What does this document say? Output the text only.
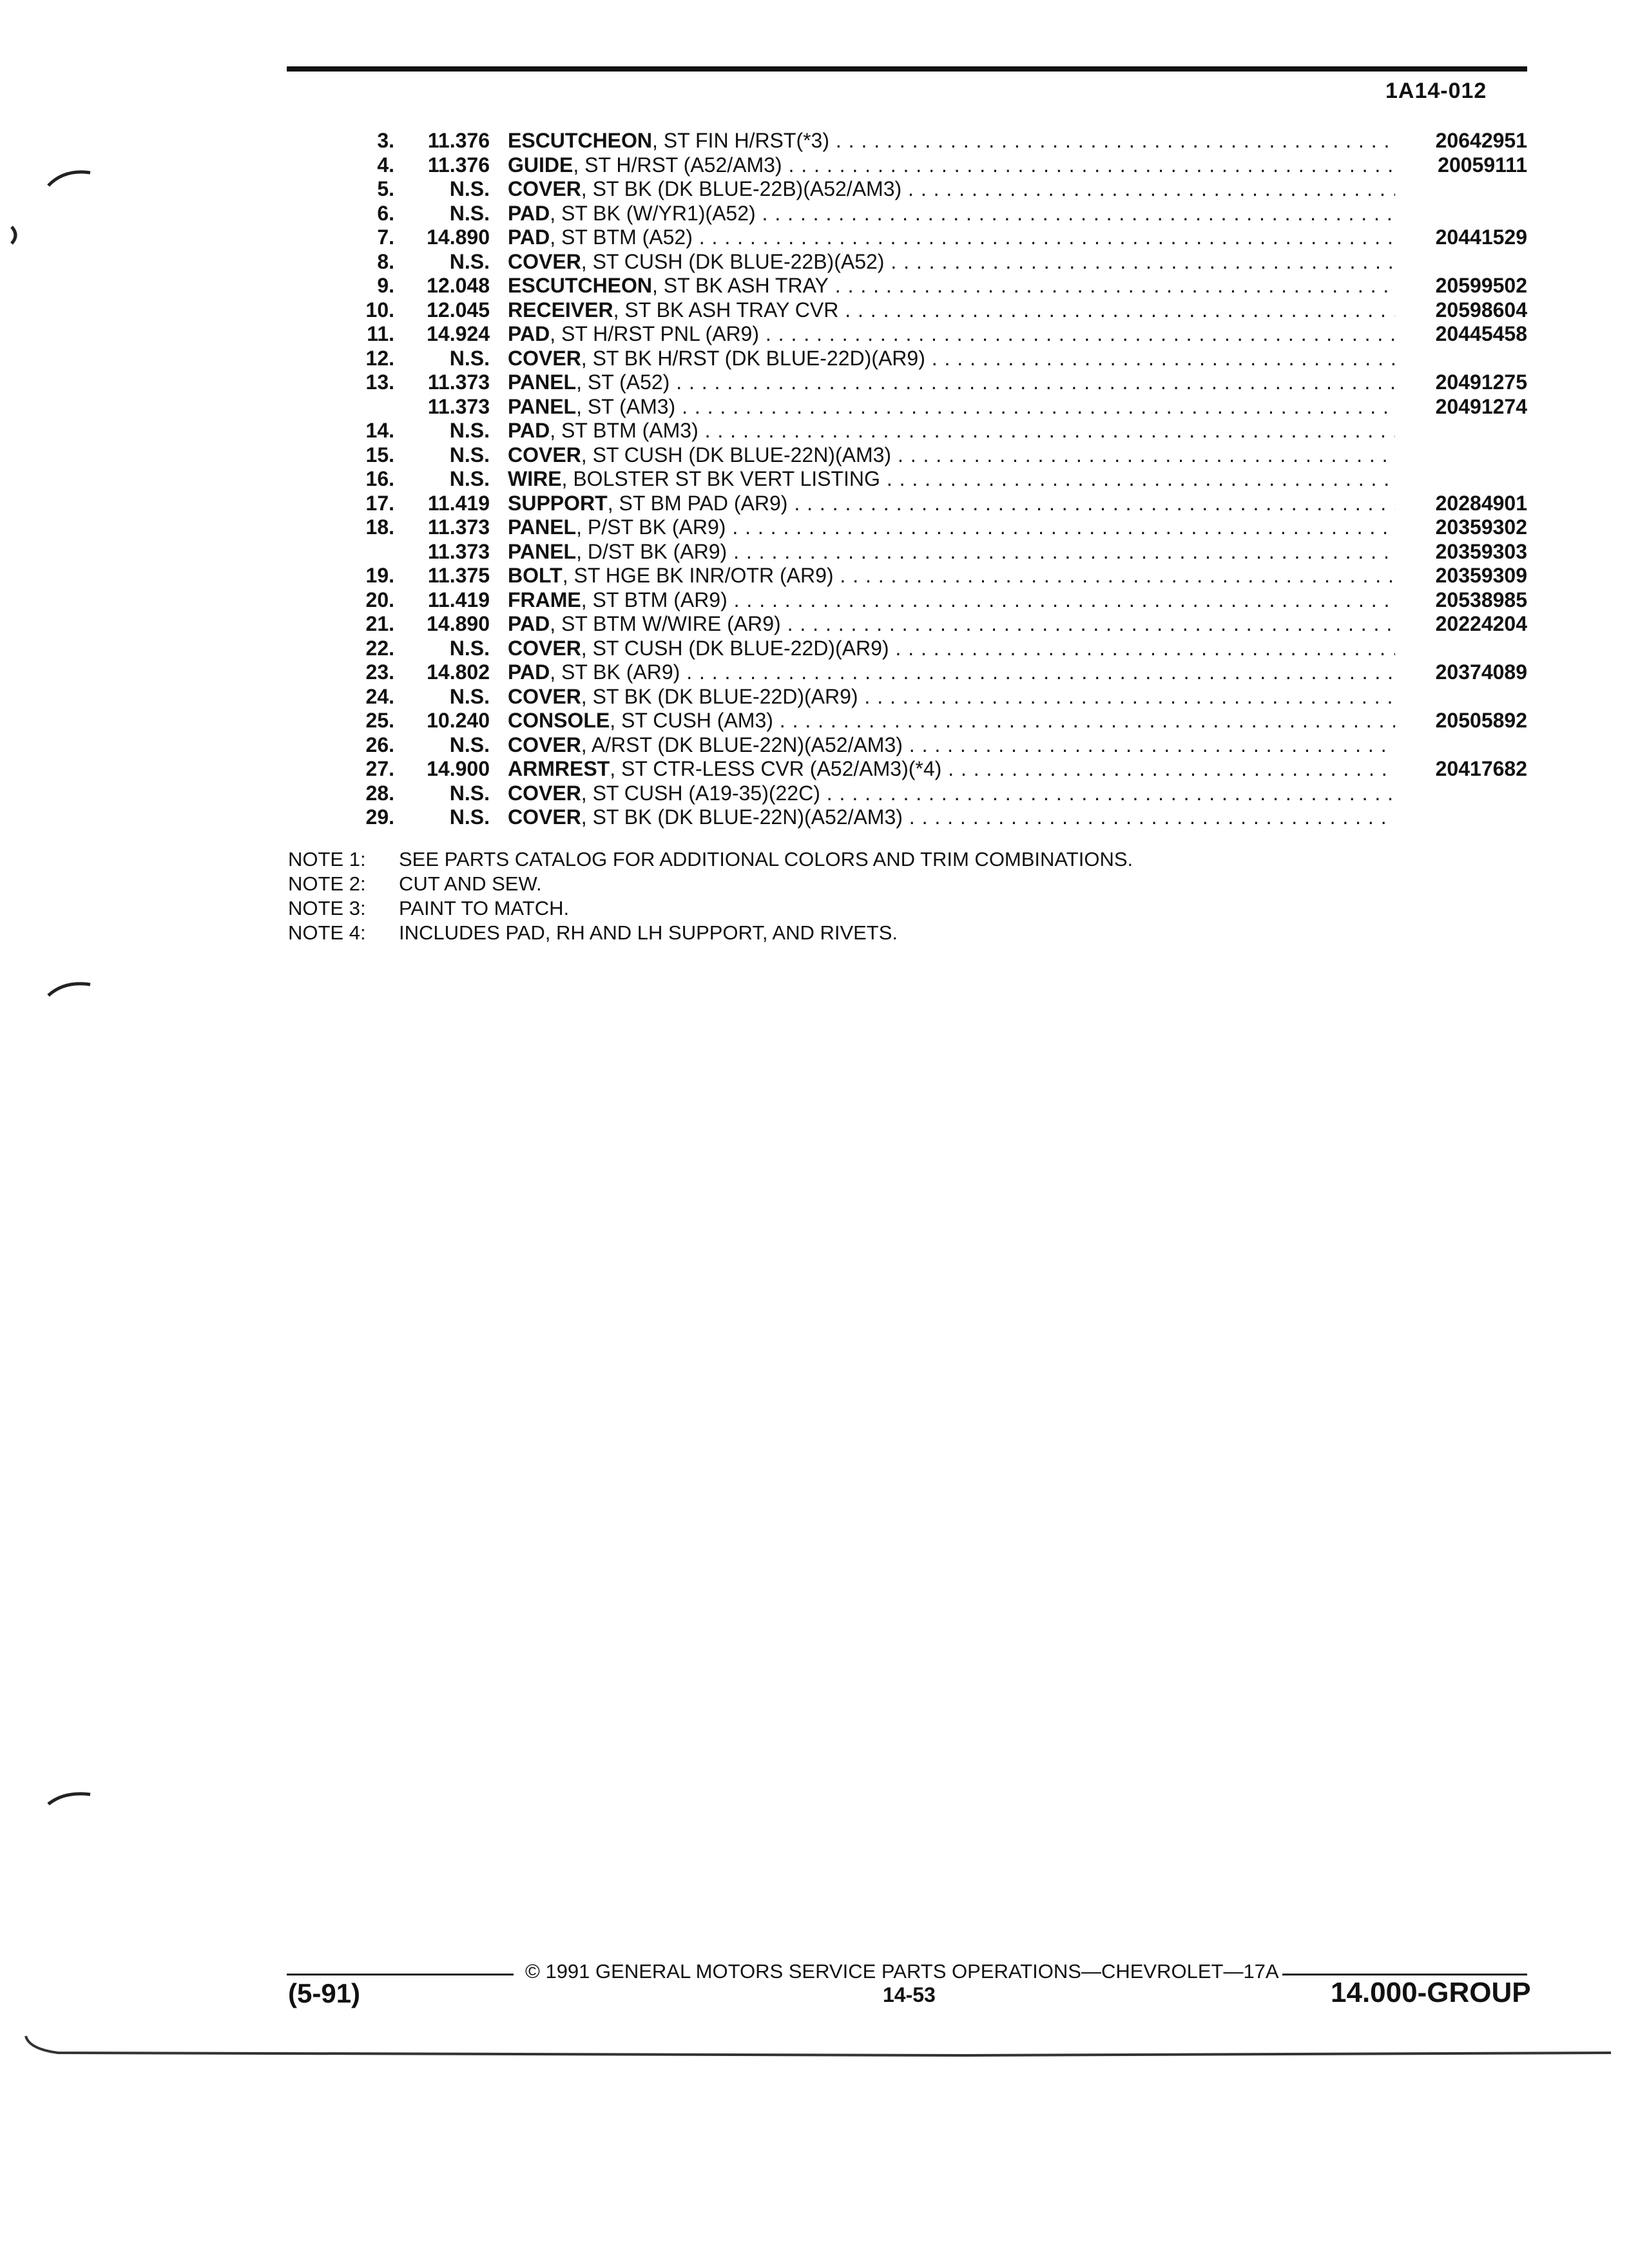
1A14-012
3.	11.376 ESCUTCHEON, ST FIN H/RST(*3) . . .	20642951
4.	11.376 GUIDE, ST H/RST (A52/AM3) . . .	20059111
5.	N.S. COVER, ST BK (DK BLUE-22B)(A52/AM3) . . .
6.	N.S. PAD, ST BK (W/YR1)(A52) . . .
7.	14.890 PAD, ST BTM (A52) . . .	20441529
8.	N.S. COVER, ST CUSH (DK BLUE-22B)(A52) . . .
9.	12.048 ESCUTCHEON, ST BK ASH TRAY . . .	20599502
10.	12.045 RECEIVER, ST BK ASH TRAY CVR . . .	20598604
11.	14.924 PAD, ST H/RST PNL (AR9) . . .	20445458
12.	N.S. COVER, ST BK H/RST (DK BLUE-22D)(AR9) . . .
13.	11.373 PANEL, ST (A52) . . .	20491275
11.373 PANEL, ST (AM3) . . .	20491274
14.	N.S. PAD, ST BTM (AM3) . . .
15.	N.S. COVER, ST CUSH (DK BLUE-22N)(AM3) . . .
16.	N.S. WIRE, BOLSTER ST BK VERT LISTING . . .
17.	11.419 SUPPORT, ST BM PAD (AR9) . . .	20284901
18.	11.373 PANEL, P/ST BK (AR9) . . .	20359302
11.373 PANEL, D/ST BK (AR9) . . .	20359303
19.	11.375 BOLT, ST HGE BK INR/OTR (AR9) . . .	20359309
20.	11.419 FRAME, ST BTM (AR9) . . .	20538985
21.	14.890 PAD, ST BTM W/WIRE (AR9) . . .	20224204
22.	N.S. COVER, ST CUSH (DK BLUE-22D)(AR9) . . .
23.	14.802 PAD, ST BK (AR9) . . .	20374089
24.	N.S. COVER, ST BK (DK BLUE-22D)(AR9) . . .
25.	10.240 CONSOLE, ST CUSH (AM3) . . .	20505892
26.	N.S. COVER, A/RST (DK BLUE-22N)(A52/AM3) . . .
27.	14.900 ARMREST, ST CTR-LESS CVR (A52/AM3)(*4) . . .	20417682
28.	N.S. COVER, ST CUSH (A19-35)(22C) . . .
29.	N.S. COVER, ST BK (DK BLUE-22N)(A52/AM3) . . .
NOTE 1: SEE PARTS CATALOG FOR ADDITIONAL COLORS AND TRIM COMBINATIONS.
NOTE 2: CUT AND SEW.
NOTE 3: PAINT TO MATCH.
NOTE 4: INCLUDES PAD, RH AND LH SUPPORT, AND RIVETS.
© 1991 GENERAL MOTORS SERVICE PARTS OPERATIONS—CHEVROLET—17A
(5-91)	14-53	14.000-GROUP
